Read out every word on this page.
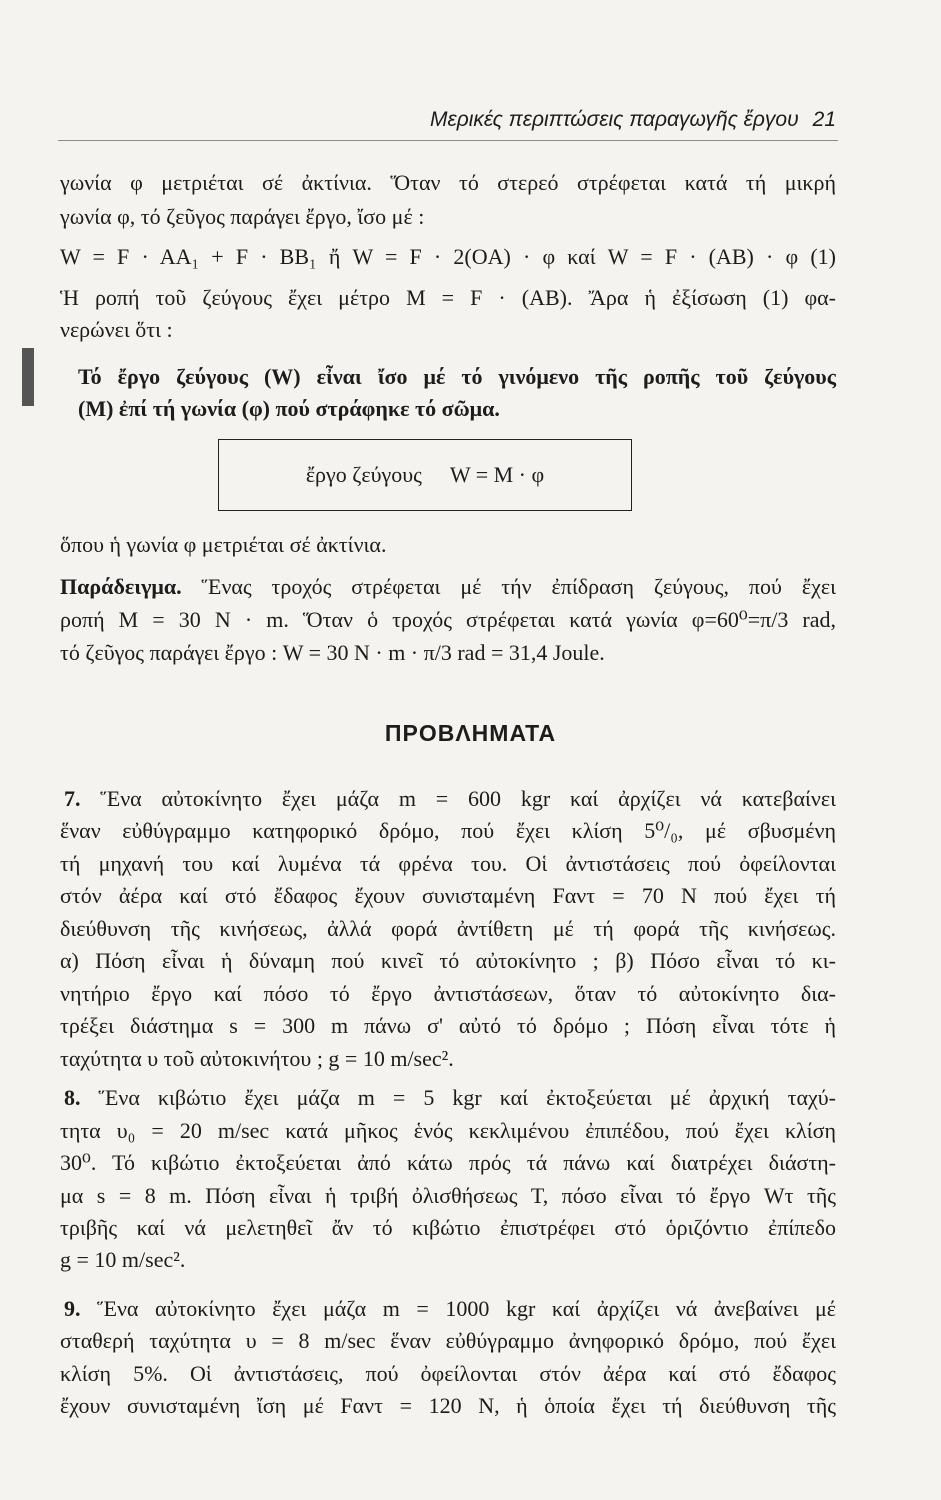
Μερικές περιπτώσεις παραγωγῆς ἔργου 21
γωνία φ μετριέται σέ ἀκτίνια. Ὅταν τό στερεό στρέφεται κατά τή μικρή
γωνία φ, τό ζεῦγος παράγει ἔργο, ἴσο μέ :
W = F · AA₁ + F · BB₁ ἤ W = F · 2(OA) · φ καί W = F · (AB) · φ (1)
Ἡ ροπή τοῦ ζεύγους ἔχει μέτρο M = F · (AB). Ἄρα ἡ ἐξίσωση (1) φα-
νερώνει ὅτι :
Τό ἔργο ζεύγους (W) εἶναι ἴσο μέ τό γινόμενο τῆς ροπῆς τοῦ ζεύγους
(M) ἐπί τή γωνία (φ) πού στράφηκε τό σῶμα.
ἔργο ζεύγους W = M · φ
ὅπου ἡ γωνία φ μετριέται σέ ἀκτίνια.
Παράδειγμα. Ἕνας τροχός στρέφεται μέ τήν ἐπίδραση ζεύγους, πού ἔχει
ροπή M = 30 N · m. Ὅταν ὁ τροχός στρέφεται κατά γωνία φ=60⁰=π/3 rad,
τό ζεῦγος παράγει ἔργο : W = 30 N · m · π/3 rad = 31,4 Joule.
ΠΡΟΒΛΗΜΑΤΑ
7. Ἕνα αὐτοκίνητο ἔχει μάζα m = 600 kgr καί ἀρχίζει νά κατεβαίνει
ἕναν εὐθύγραμμο κατηφορικό δρόμο, πού ἔχει κλίση 5⁰/₀, μέ σβυσμένη
τή μηχανή του καί λυμένα τά φρένα του. Οἱ ἀντιστάσεις πού ὀφείλονται
στόν ἀέρα καί στό ἔδαφος ἔχουν συνισταμένη Fαντ = 70 N πού ἔχει τή
διεύθυνση τῆς κινήσεως, ἀλλά φορά ἀντίθετη μέ τή φορά τῆς κινήσεως.
α) Πόση εἶναι ἡ δύναμη πού κινεῖ τό αὐτοκίνητο ; β) Πόσο εἶναι τό κι-
νητήριο ἔργο καί πόσο τό ἔργο ἀντιστάσεων, ὅταν τό αὐτοκίνητο δια-
τρέξει διάστημα s = 300 m πάνω σ' αὐτό τό δρόμο ; Πόση εἶναι τότε ἡ
ταχύτητα υ τοῦ αὐτοκινήτου ; g = 10 m/sec².
8. Ἕνα κιβώτιο ἔχει μάζα m = 5 kgr καί ἐκτοξεύεται μέ ἀρχική ταχύ-
τητα υ₀ = 20 m/sec κατά μῆκος ἑνός κεκλιμένου ἐπιπέδου, πού ἔχει κλίση
30⁰. Τό κιβώτιο ἐκτοξεύεται ἀπό κάτω πρός τά πάνω καί διατρέχει διάστη-
μα s = 8 m. Πόση εἶναι ἡ τριβή ὀλισθήσεως T, πόσο εἶναι τό ἔργο Wτ τῆς
τριβῆς καί νά μελετηθεῖ ἄν τό κιβώτιο ἐπιστρέφει στό ὁριζόντιο ἐπίπεδο
g = 10 m/sec².
9. Ἕνα αὐτοκίνητο ἔχει μάζα m = 1000 kgr καί ἀρχίζει νά ἀνεβαίνει μέ
σταθερή ταχύτητα υ = 8 m/sec ἕναν εὐθύγραμμο ἀνηφορικό δρόμο, πού ἔχει
κλίση 5%. Οἱ ἀντιστάσεις, πού ὀφείλονται στόν ἀέρα καί στό ἔδαφος
ἔχουν συνισταμένη ἴση μέ Fαντ = 120 N, ἡ ὁποία ἔχει τή διεύθυνση τῆς
